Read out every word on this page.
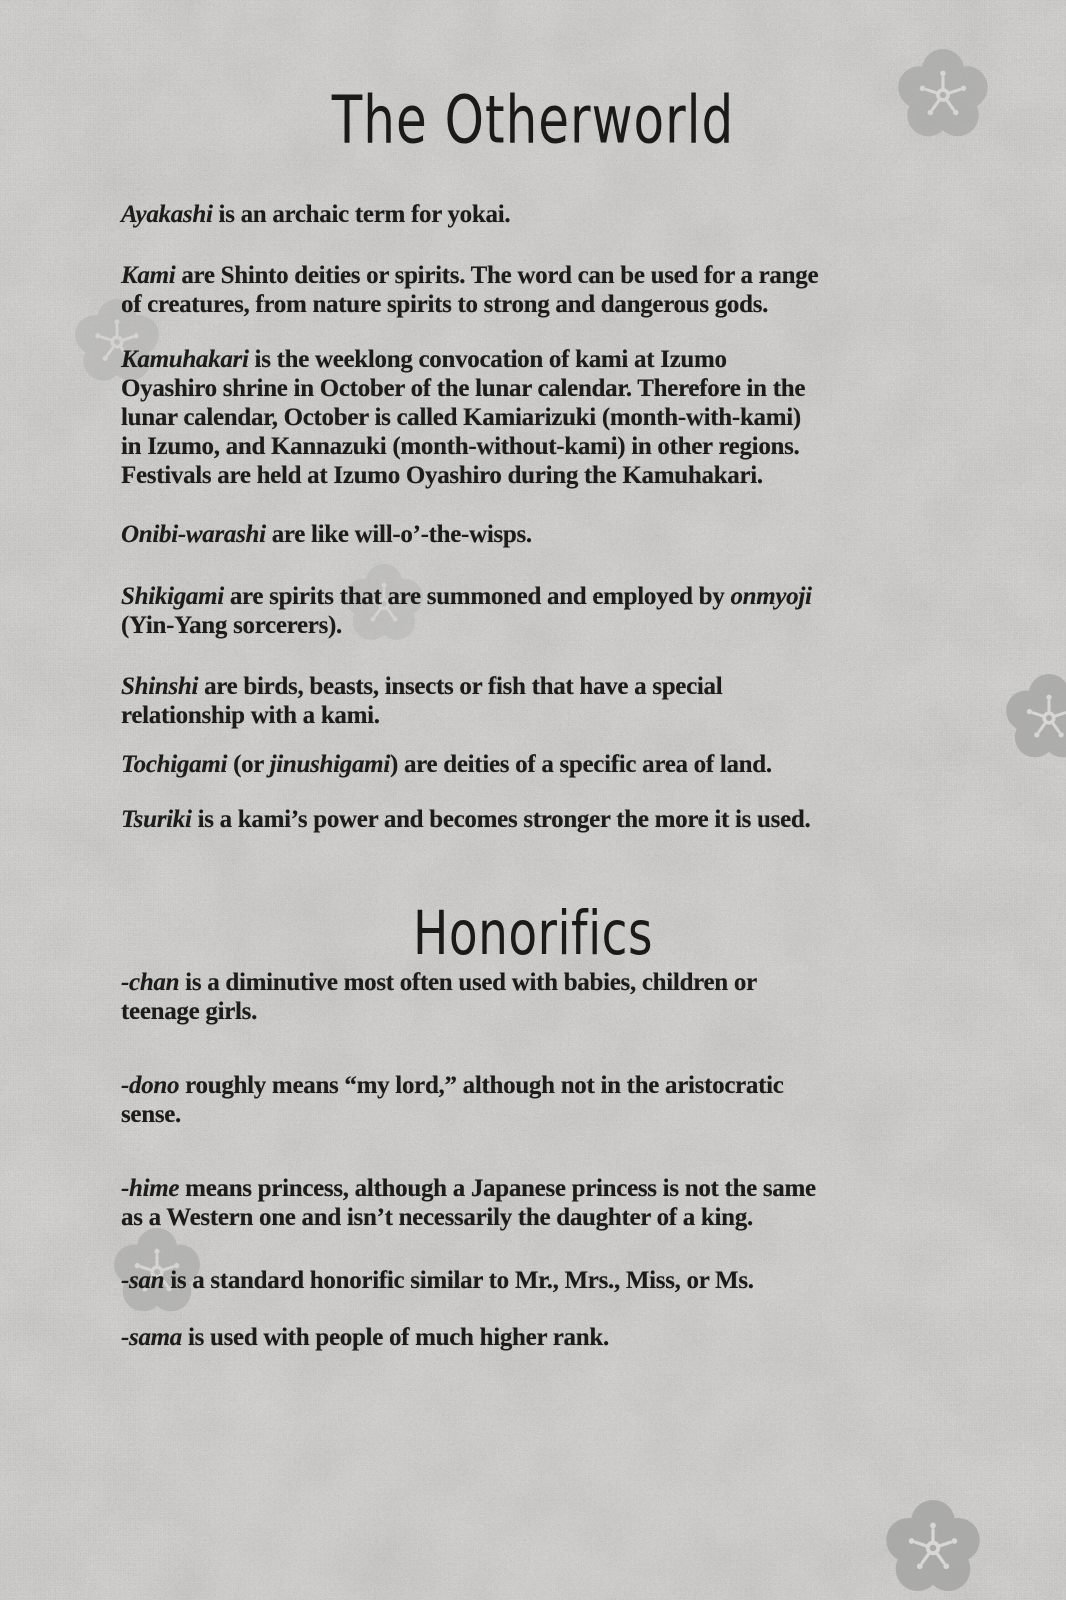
The Otherworld
Honorifics
Ayakashi is an archaic term for yokai.
Kami are Shinto deities or spirits. The word can be used for a range
of creatures, from nature spirits to strong and dangerous gods.
Kamuhakari is the weeklong convocation of kami at Izumo
Oyashiro shrine in October of the lunar calendar. Therefore in the
lunar calendar, October is called Kamiarizuki (month-with-kami)
in Izumo, and Kannazuki (month-without-kami) in other regions.
Festivals are held at Izumo Oyashiro during the Kamuhakari.
Onibi-warashi are like will-o’-the-wisps.
Shikigami are spirits that are summoned and employed by onmyoji
(Yin-Yang sorcerers).
Shinshi are birds, beasts, insects or fish that have a special
relationship with a kami.
Tochigami (or jinushigami) are deities of a specific area of land.
Tsuriki is a kami’s power and becomes stronger the more it is used.
-chan is a diminutive most often used with babies, children or
teenage girls.
-dono roughly means “my lord,” although not in the aristocratic
sense.
-hime means princess, although a Japanese princess is not the same
as a Western one and isn’t necessarily the daughter of a king.
-san is a standard honorific similar to Mr., Mrs., Miss, or Ms.
-sama is used with people of much higher rank.
